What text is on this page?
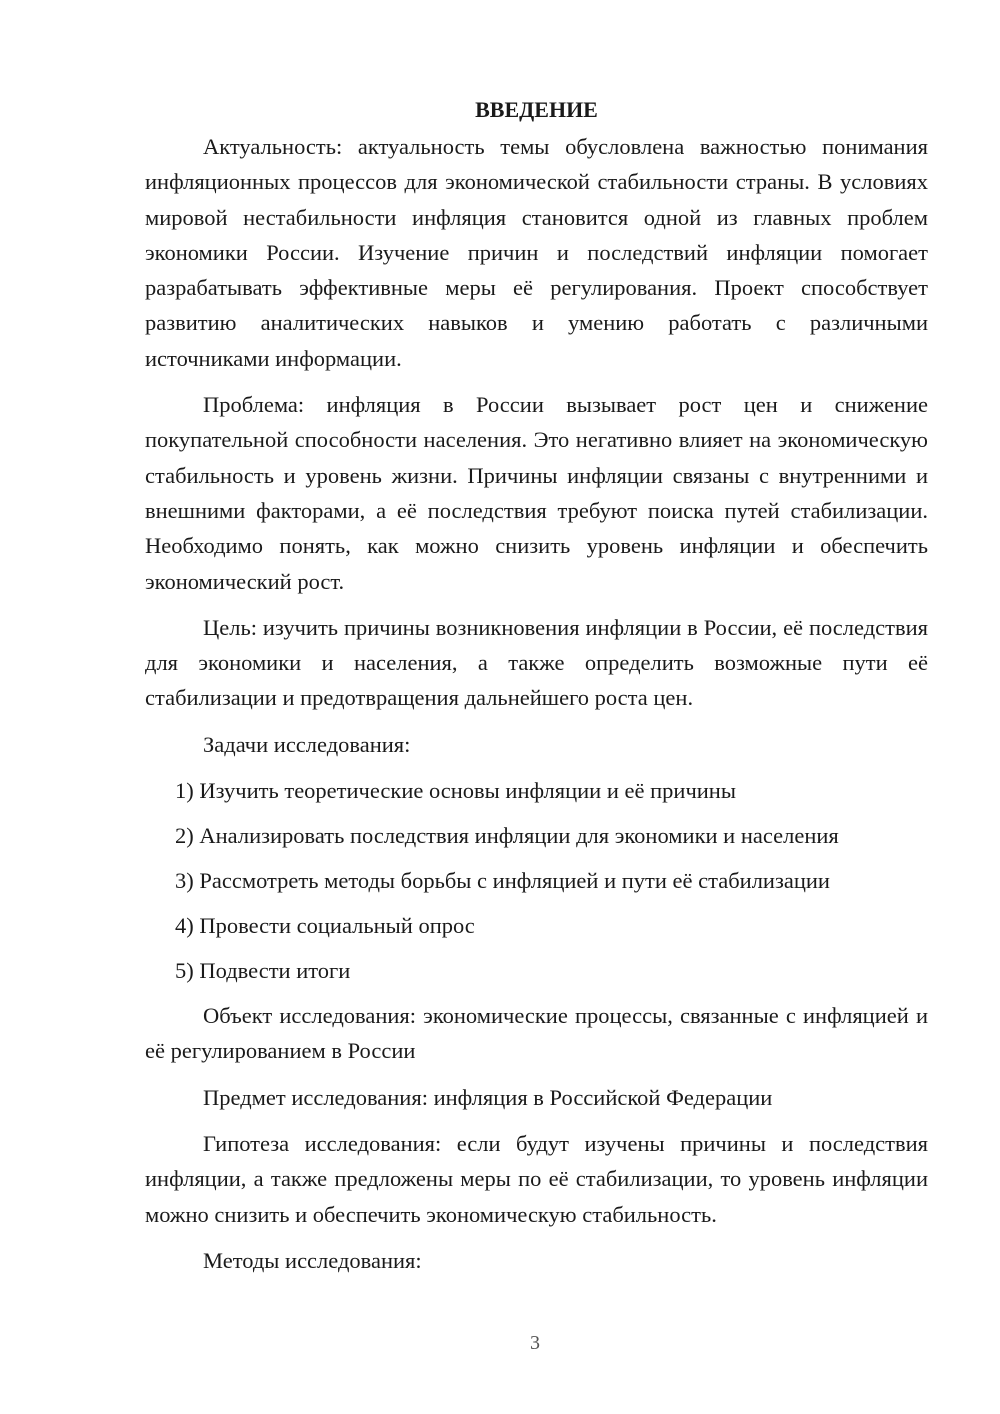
ВВЕДЕНИЕ

Актуальность: актуальность темы обусловлена важностью понимания инфляционных процессов для экономической стабильности страны. В условиях мировой нестабильности инфляция становится одной из главных проблем экономики России. Изучение причин и последствий инфляции помогает разрабатывать эффективные меры её регулирования. Проект способствует развитию аналитических навыков и умению работать с различными источниками информации.

Проблема: инфляция в России вызывает рост цен и снижение покупательной способности населения. Это негативно влияет на экономическую стабильность и уровень жизни. Причины инфляции связаны с внутренними и внешними факторами, а её последствия требуют поиска путей стабилизации. Необходимо понять, как можно снизить уровень инфляции и обеспечить экономический рост.

Цель: изучить причины возникновения инфляции в России, её последствия для экономики и населения, а также определить возможные пути её стабилизации и предотвращения дальнейшего роста цен.

Задачи исследования:

1) Изучить теоретические основы инфляции и её причины
2) Анализировать последствия инфляции для экономики и населения
3) Рассмотреть методы борьбы с инфляцией и пути её стабилизации
4) Провести социальный опрос
5) Подвести итоги

Объект исследования: экономические процессы, связанные с инфляцией и её регулированием в России

Предмет исследования: инфляция в Российской Федерации

Гипотеза исследования: если будут изучены причины и последствия инфляции, а также предложены меры по её стабилизации, то уровень инфляции можно снизить и обеспечить экономическую стабильность.

Методы исследования:

3
